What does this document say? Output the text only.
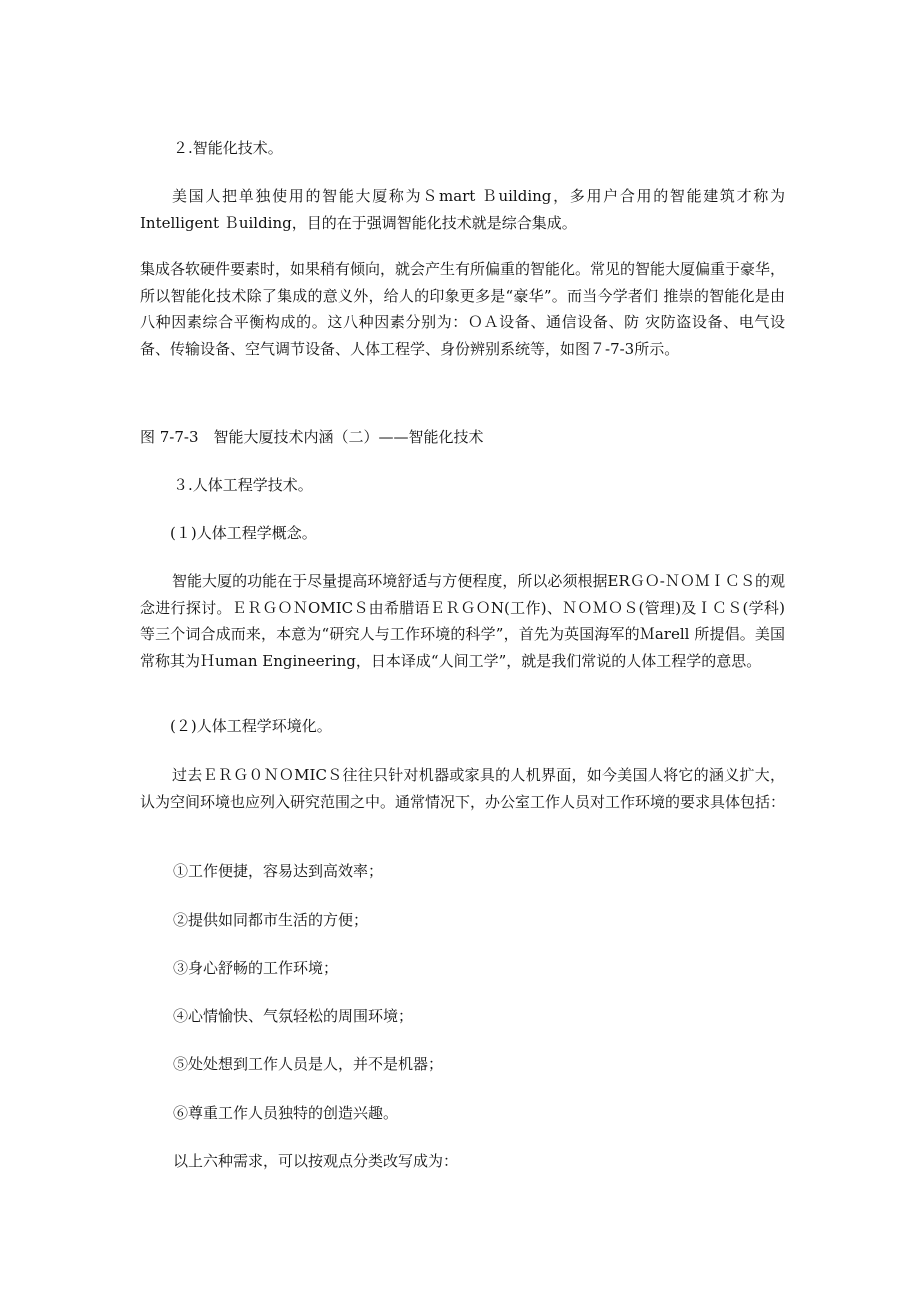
２.智能化技术。

美国人把单独使用的智能大厦称为Ｓmart Ｂuilding，多用户合用的智能建筑才称为Intelligent Ｂuilding，目的在于强调智能化技术就是综合集成。

集成各软硬件要素时，如果稍有倾向，就会产生有所偏重的智能化。常见的智能大厦偏重于豪华，所以智能化技术除了集成的意义外，给人的印象更多是“豪华”。而当今学者们 推崇的智能化是由八种因素综合平衡构成的。这八种因素分别为：ＯＡ设备、通信设备、防 灾防盗设备、电气设备、传输设备、空气调节设备、人体工程学、身份辨别系统等，如图７-7-3所示。

图 7-7-3　智能大厦技术内涵（二）——智能化技术

３.人体工程学技术。

(１)人体工程学概念。

智能大厦的功能在于尽量提高环境舒适与方便程度，所以必须根据ERＧＯ-ＮＯＭＩＣＳ的观念进行探讨。ＥＲＧＯＮOMICＳ由希腊语ＥＲＧＯN(工作)、ＮＯＭＯＳ(管理)及ＩＣＳ(学科)等三个词合成而来，本意为“研究人与工作环境的科学”，首先为英国海军的Ｍarell 所提倡。美国常称其为Ｈuman Engineering，日本译成“人间工学”，就是我们常说的人体工程学的意思。

(２)人体工程学环境化。

过去ＥＲＧ０ＮＯMICＳ往往只针对机器或家具的人机界面，如今美国人将它的涵义扩大，认为空间环境也应列入研究范围之中。通常情况下，办公室工作人员对工作环境的要求具体包括：

①工作便捷，容易达到高效率；

②提供如同都市生活的方便；

③身心舒畅的工作环境；

④心情愉快、气氛轻松的周围环境；

⑤处处想到工作人员是人，并不是机器；

⑥尊重工作人员独特的创造兴趣。

以上六种需求，可以按观点分类改写成为：
